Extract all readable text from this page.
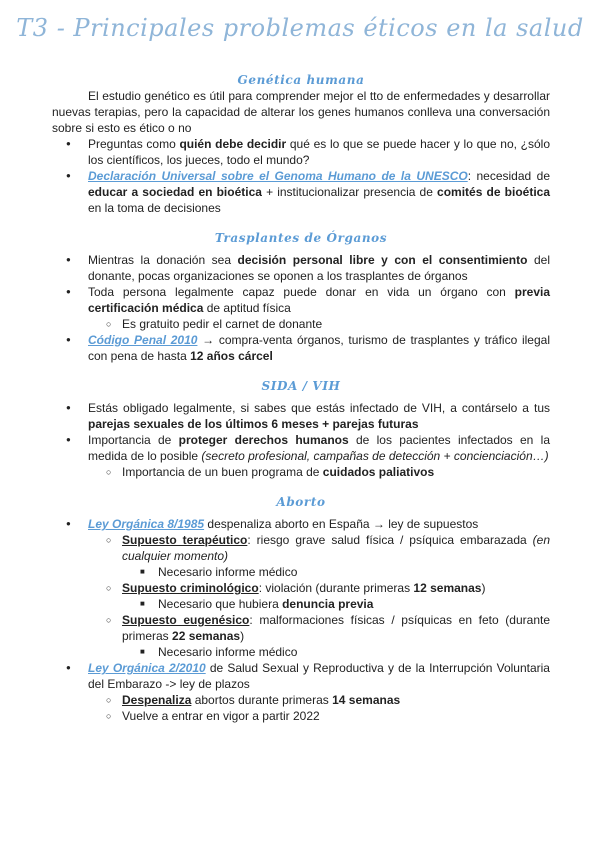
T3 - Principales problemas éticos en la salud
Genética humana

El estudio genético es útil para comprender mejor el tto de enfermedades y desarrollar nuevas terapias, pero la capacidad de alterar los genes humanos conlleva una conversación sobre si esto es ético o no

● Preguntas como quién debe decidir qué es lo que se puede hacer y lo que no, ¿sólo los científicos, los jueces, todo el mundo?
● Declaración Universal sobre el Genoma Humano de la UNESCO: necesidad de educar a sociedad en bioética + institucionalizar presencia de comités de bioética en la toma de decisiones
Trasplantes de Órganos
● Mientras la donación sea decisión personal libre y con el consentimiento del donante, pocas organizaciones se oponen a los trasplantes de órganos
● Toda persona legalmente capaz puede donar en vida un órgano con previa certificación médica de aptitud física
○ Es gratuito pedir el carnet de donante
● Código Penal 2010 → compra-venta órganos, turismo de trasplantes y tráfico ilegal con pena de hasta 12 años cárcel
SIDA / VIH
● Estás obligado legalmente, si sabes que estás infectado de VIH, a contárselo a tus parejas sexuales de los últimos 6 meses + parejas futuras
● Importancia de proteger derechos humanos de los pacientes infectados en la medida de lo posible (secreto profesional, campañas de detección + concienciación…)
○ Importancia de un buen programa de cuidados paliativos
Aborto
● Ley Orgánica 8/1985 despenaliza aborto en España → ley de supuestos
○ Supuesto terapéutico: riesgo grave salud física / psíquica embarazada (en cualquier momento)
■ Necesario informe médico
○ Supuesto criminológico: violación (durante primeras 12 semanas)
■ Necesario que hubiera denuncia previa
○ Supuesto eugenésico: malformaciones físicas / psíquicas en feto (durante primeras 22 semanas)
■ Necesario informe médico
● Ley Orgánica 2/2010 de Salud Sexual y Reproductiva y de la Interrupción Voluntaria del Embarazo -> ley de plazos
○ Despenaliza abortos durante primeras 14 semanas
○ Vuelve a entrar en vigor a partir 2022
